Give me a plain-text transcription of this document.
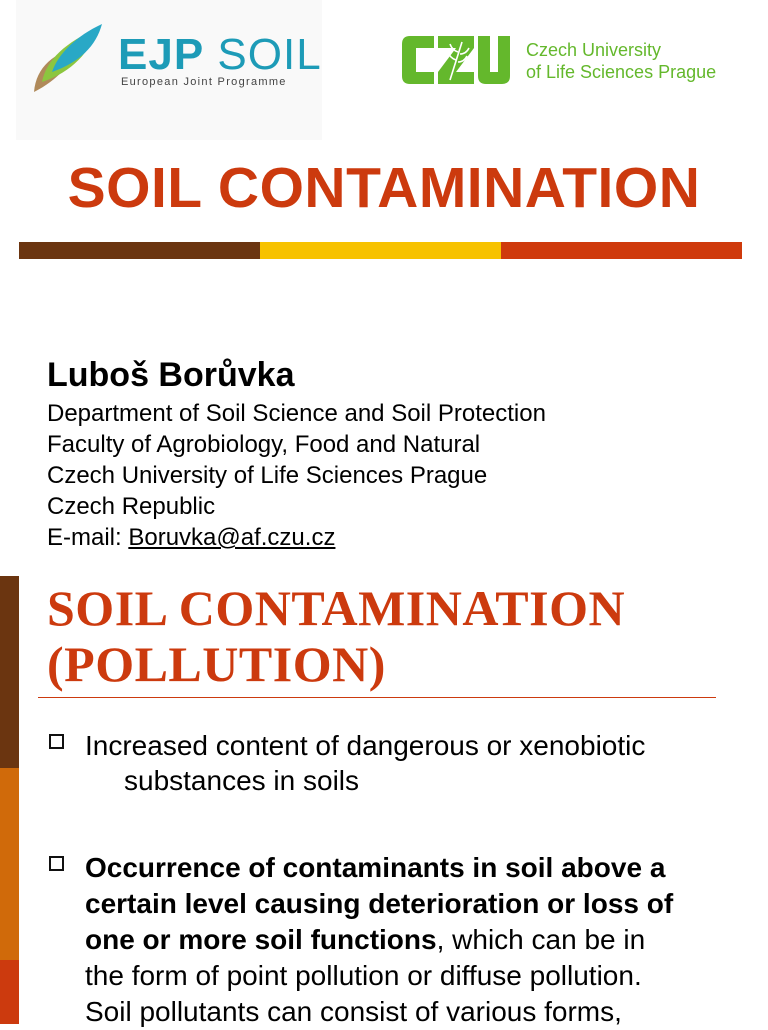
EJP SOIL
European Joint Programme
Czech University
of Life Sciences Prague
SOIL CONTAMINATION
Luboš Borůvka
Department of Soil Science and Soil Protection
Faculty of Agrobiology, Food and Natural
Czech University of Life Sciences Prague
Czech Republic
E-mail: Boruvka@af.czu.cz
SOIL CONTAMINATION
(POLLUTION)
Increased content of dangerous or xenobiotic
substances in soils
Occurrence of contaminants in soil above a
certain level causing deterioration or loss of
one or more soil functions, which can be in
the form of point pollution or diffuse pollution.
Soil pollutants can consist of various forms,
